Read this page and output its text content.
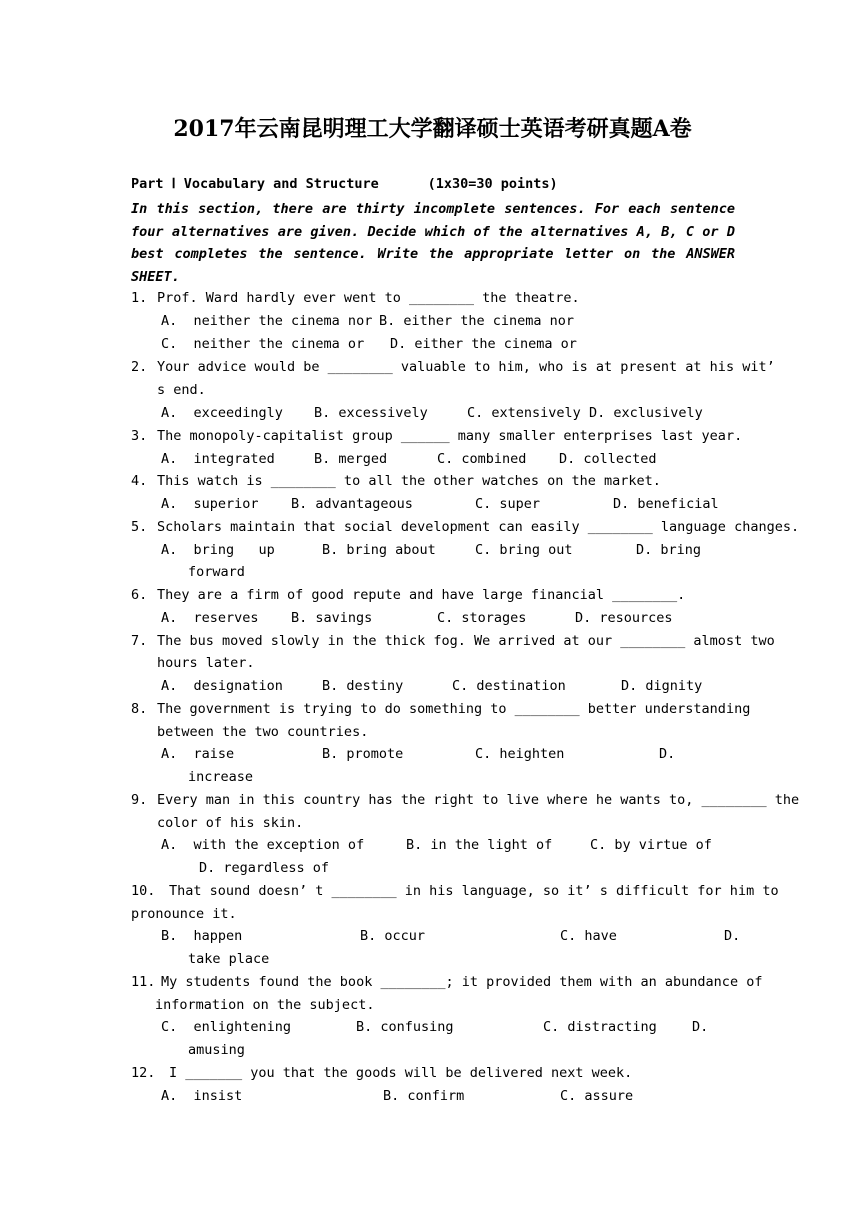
2017年云南昆明理工大学翻译硕士英语考研真题A卷
Part Ⅰ Vocabulary and Structure      (1x30=30 points)
In this section, there are thirty incomplete sentences. For each sentence four alternatives are given. Decide which of the alternatives A, B, C or D best completes the sentence. Write the appropriate letter on the ANSWER SHEET.
1. Prof. Ward hardly ever went to ________ the theatre.
A.  neither the cinema nor B. either the cinema nor
C.  neither the cinema or D. either the cinema or
2. Your advice would be ________ valuable to him, who is at present at his wit’
s end.
A.  exceedingly B. excessively	C. extensively D. exclusively
3. The monopoly-capitalist group ______ many smaller enterprises last year.
A.  integrated	B. merged	C. combined D. collected
4. This watch is ________ to all the other watches on the market.
A.  superior B. advantageous	C. super	D. beneficial
5. Scholars maintain that social development can easily ________ language changes.
A.  bring   up	B. bring about	C. bring out	D. bring
forward
6. They are a firm of good repute and have large financial ________.
A.  reserves B. savings	C. storages	D. resources
7. The bus moved slowly in the thick fog. We arrived at our ________ almost two
hours later.
A.  designation	B. destiny	C. destination	D. dignity
8. The government is trying to do something to ________ better understanding
between the two countries.
A.  raise	B. promote	C. heighten	D.
increase
9. Every man in this country has the right to live where he wants to, ________ the
color of his skin.
A.  with the exception of	B. in the light of	C. by virtue of
D. regardless of
10. That sound doesn’ t ________ in his language, so it’ s difficult for him to
pronounce it.
B.  happen	B. occur	C. have	D.
take place
11. My students found the book ________; it provided them with an abundance of
information on the subject.
C.  enlightening	B. confusing	C. distracting	D.
amusing
12. I _______ you that the goods will be delivered next week.
A.  insist	B. confirm	C. assure
